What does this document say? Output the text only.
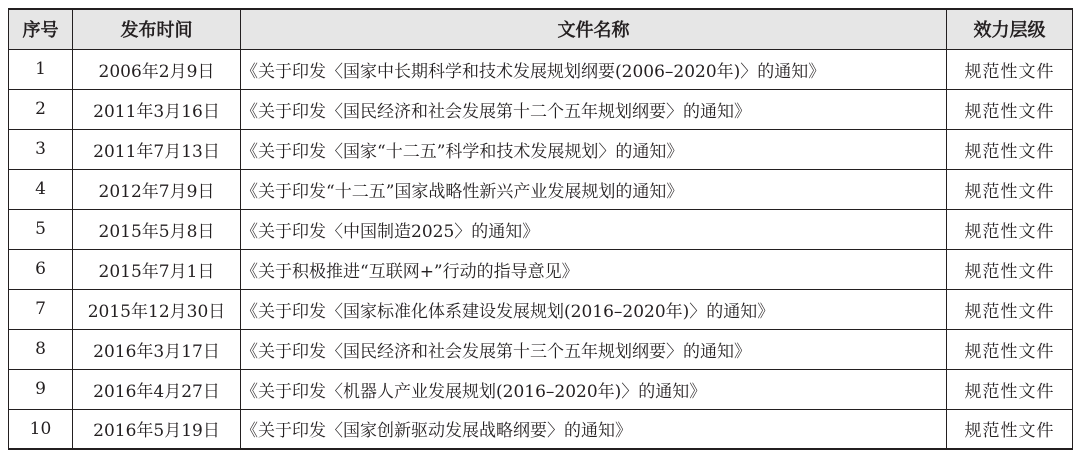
序号	发布时间	文件名称	效力层级
1	2006年2月9日	《关于印发〈国家中长期科学和技术发展规划纲要(2006–2020年)〉的通知》	规范性文件
2	2011年3月16日	《关于印发〈国民经济和社会发展第十二个五年规划纲要〉的通知》	规范性文件
3	2011年7月13日	《关于印发〈国家“十二五”科学和技术发展规划〉的通知》	规范性文件
4	2012年7月9日	《关于印发“十二五”国家战略性新兴产业发展规划的通知》	规范性文件
5	2015年5月8日	《关于印发〈中国制造2025〉的通知》	规范性文件
6	2015年7月1日	《关于积极推进“互联网+”行动的指导意见》	规范性文件
7	2015年12月30日	《关于印发〈国家标准化体系建设发展规划(2016–2020年)〉的通知》	规范性文件
8	2016年3月17日	《关于印发〈国民经济和社会发展第十三个五年规划纲要〉的通知》	规范性文件
9	2016年4月27日	《关于印发〈机器人产业发展规划(2016–2020年)〉的通知》	规范性文件
10	2016年5月19日	《关于印发〈国家创新驱动发展战略纲要〉的通知》	规范性文件
